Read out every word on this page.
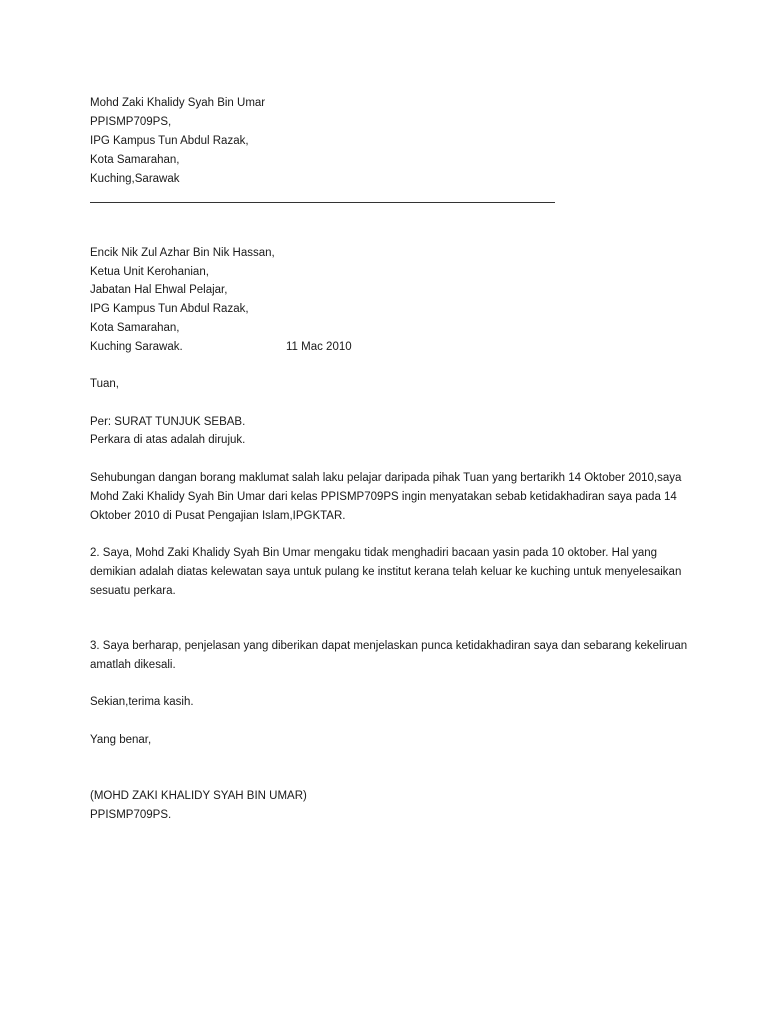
Mohd Zaki Khalidy Syah Bin Umar
PPISMP709PS,
IPG Kampus Tun Abdul Razak,
Kota Samarahan,
Kuching,Sarawak
Encik Nik Zul Azhar Bin Nik Hassan,
Ketua Unit Kerohanian,
Jabatan Hal Ehwal Pelajar,
IPG Kampus Tun Abdul Razak,
Kota Samarahan,
Kuching Sarawak.	11 Mac 2010
Tuan,
Per: SURAT TUNJUK SEBAB.
Perkara di atas adalah dirujuk.
Sehubungan dangan borang maklumat salah laku pelajar daripada pihak Tuan yang bertarikh 14 Oktober 2010,saya
Mohd Zaki Khalidy Syah Bin Umar dari kelas PPISMP709PS ingin menyatakan sebab ketidakhadiran saya pada 14
Oktober 2010 di Pusat Pengajian Islam,IPGKTAR.
2. Saya, Mohd Zaki Khalidy Syah Bin Umar mengaku tidak menghadiri bacaan yasin pada 10 oktober. Hal yang
demikian adalah diatas kelewatan saya untuk pulang ke institut kerana telah keluar ke kuching untuk menyelesaikan
sesuatu perkara.
3. Saya berharap, penjelasan yang diberikan dapat menjelaskan punca ketidakhadiran saya dan sebarang kekeliruan
amatlah dikesali.
Sekian,terima kasih.
Yang benar,
(MOHD ZAKI KHALIDY SYAH BIN UMAR)
PPISMP709PS.
